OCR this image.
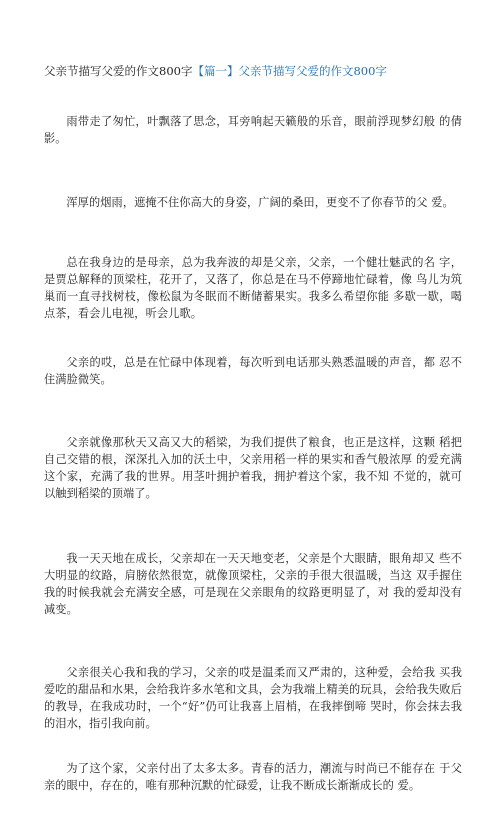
父亲节描写父爱的作文800字【篇一】父亲节描写父爱的作文800字

雨带走了匆忙，叶飘落了思念，耳旁响起天籁般的乐音，眼前浮现梦幻般 的倩影。

浑厚的烟雨，遮掩不住你高大的身姿，广阔的桑田，更变不了你春节的父 爱。

总在我身边的是母亲，总为我奔波的却是父亲，父亲，一个健壮魅武的名 字，是贾总解释的顶梁柱，花开了，又落了，你总是在马不停蹄地忙碌着，像 鸟儿为筑巢而一直寻找树枝，像松鼠为冬眠而不断储蓄果实。我多么希望你能 多歇一歇，喝点茶，看会儿电视，听会儿歌。

父亲的哎，总是在忙碌中体现着，每次听到电话那头熟悉温暖的声音，都 忍不住满脸微笑。

父亲就像那秋天又高又大的稻梁，为我们提供了粮食，也正是这样，这颗 稻把自己交错的根，深深扎入加的沃土中，父亲用稻一样的果实和香气般浓厚 的爱充满这个家，充满了我的世界。用茎叶拥护着我，拥护着这个家，我不知 不觉的，就可以触到稻梁的顶端了。

我一天天地在成长，父亲却在一天天地变老，父亲是个大眼睛，眼角却又 些不大明显的纹路，肩膀依然很宽，就像顶梁柱，父亲的手很大很温暖，当这 双手握住我的时候我就会充满安全感，可是现在父亲眼角的纹路更明显了，对 我的爱却没有减变。

父亲很关心我和我的学习，父亲的哎是温柔而又严肃的，这种爱，会给我 买我爱吃的甜品和水果，会给我许多水笔和文具，会为我端上精美的玩具，会给我失败后的教导，在我成功时，一个“好”仍可让我喜上眉梢，在我摔倒啼 哭时，你会抹去我的泪水，指引我向前。

为了这个家，父亲付出了太多太多。青春的活力，潮流与时尚已不能存在 于父亲的眼中，存在的，唯有那种沉默的忙碌爱，让我不断成长渐渐成长的 爱。
